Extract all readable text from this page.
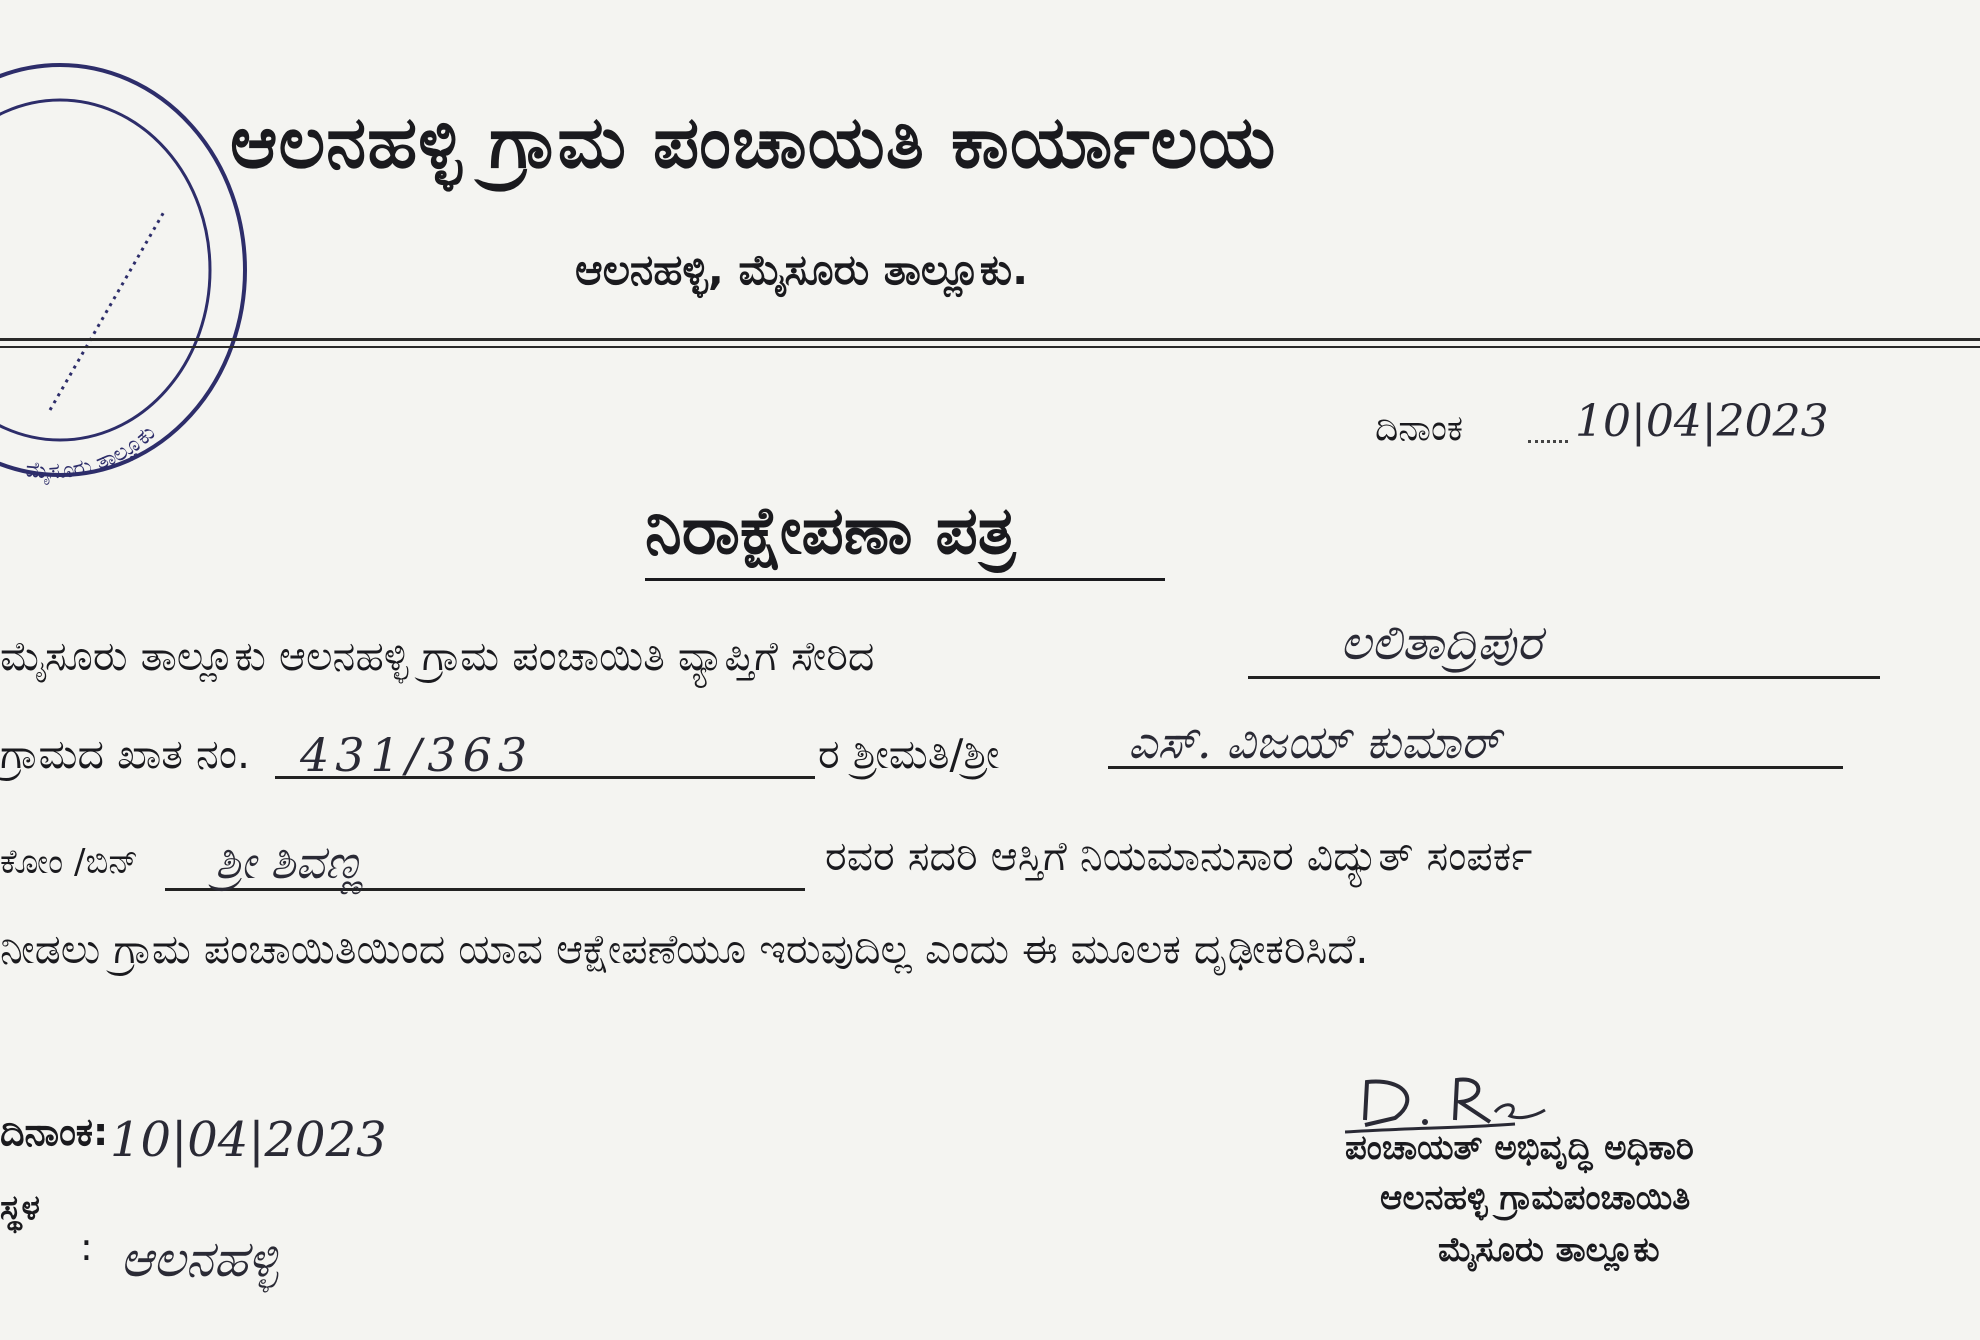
ಮೈಸೂರು ತಾಲ್ಲೂಕು
ಆಲನಹಳ್ಳಿ ಗ್ರಾಮ ಪಂಚಾಯತಿ ಕಾರ್ಯಾಲಯ
ಆಲನಹಳ್ಳಿ, ಮೈಸೂರು ತಾಲ್ಲೂಕು.
ದಿನಾಂಕ	10|04|2023
ನಿರಾಕ್ಷೇಪಣಾ ಪತ್ರ
ಮೈಸೂರು ತಾಲ್ಲೂಕು ಆಲನಹಳ್ಳಿ ಗ್ರಾಮ ಪಂಚಾಯಿತಿ ವ್ಯಾಪ್ತಿಗೆ ಸೇರಿದ	ಲಲಿತಾದ್ರಿಪುರ
ಗ್ರಾಮದ ಖಾತ ನಂ. 431/363	ರ ಶ್ರೀಮತಿ/ಶ್ರೀ	ಎಸ್. ವಿಜಯ್ ಕುಮಾರ್
ಕೋಂ /ಬಿನ್ ಶ್ರೀ ಶಿವಣ್ಣ	ರವರ ಸದರಿ ಆಸ್ತಿಗೆ ನಿಯಮಾನುಸಾರ ವಿದ್ಯುತ್ ಸಂಪರ್ಕ
ನೀಡಲು ಗ್ರಾಮ ಪಂಚಾಯಿತಿಯಿಂದ ಯಾವ ಆಕ್ಷೇಪಣೆಯೂ ಇರುವುದಿಲ್ಲ ಎಂದು ಈ ಮೂಲಕ ದೃಢೀಕರಿಸಿದೆ.
ದಿನಾಂಕ: 10|04|2023
ಸ್ಥಳ
: ಆಲನಹಳ್ಳಿ
ಪಂಚಾಯತ್ ಅಭಿವೃದ್ಧಿ ಅಧಿಕಾರಿ
ಆಲನಹಳ್ಳಿ ಗ್ರಾಮಪಂಚಾಯಿತಿ
ಮೈಸೂರು ತಾಲ್ಲೂಕು
